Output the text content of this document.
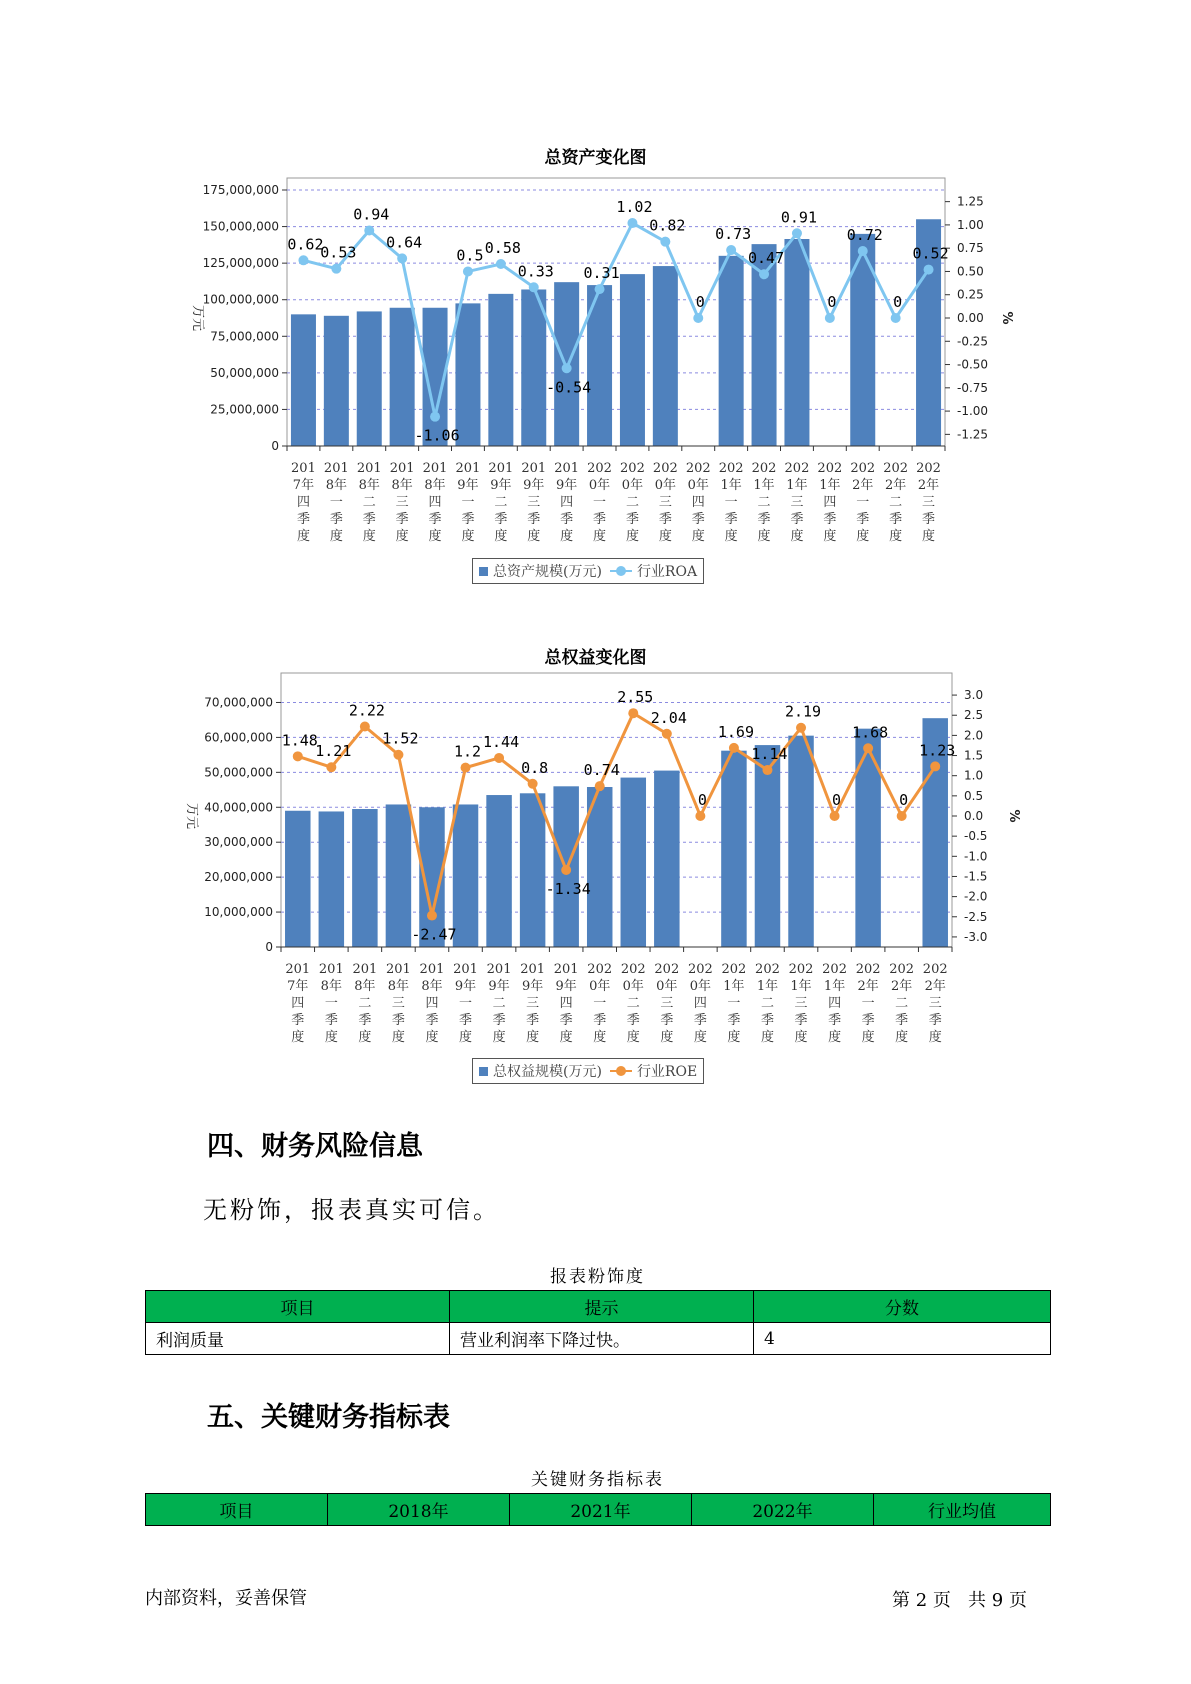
总资产变化图
0
25,000,000
50,000,000
75,000,000
100,000,000
125,000,000
150,000,000
175,000,000
-1.25
-1.00
-0.75
-0.50
-0.25
0.00
0.25
0.50
0.75
1.00
1.25
万元	%
201 7年四季度
201 8年一季度
201 8年二季度
201 8年三季度
201 8年四季度
201 9年一季度
201 9年二季度
201 9年三季度
201 9年四季度
202 0年一季度
202 0年二季度
202 0年三季度
202 0年四季度
202 1年一季度
202 1年二季度
202 1年三季度
202 1年四季度
202 2年一季度
202 2年二季度
202 2年三季度
0.62
0.53
0.94
0.64
-1.06
0.5 0.58
0.33
-0.54
0.31
1.02
0.82
0
0.73
0.47
0.91
0
0.72
0
0.52
总资产规模(万元)	行业ROA
总权益变化图
0
10,000,000
20,000,000
30,000,000
40,000,000
50,000,000
60,000,000
70,000,000
-3.0
-2.5
-2.0
-1.5
-1.0
-0.5
0.0
0.5
1.0
1.5
2.0
2.5
3.0
万元	%
201 7年四季度
201 8年一季度
201 8年二季度
201 8年三季度
201 8年四季度
201 9年一季度
201 9年二季度
201 9年三季度
201 9年四季度
202 0年一季度
202 0年二季度
202 0年三季度
202 0年四季度
202 1年一季度
202 1年二季度
202 1年三季度
202 1年四季度
202 2年一季度
202 2年二季度
202 2年三季度
1.48
1.21
2.22
1.52
-2.47
1.2
1.44
0.8
-1.34
0.74
2.55
2.04
0
1.69
1.14
2.19
0
1.68
0
1.23
总权益规模(万元)	行业ROE
四、财务风险信息

无粉饰，报表真实可信。

报表粉饰度
项目	提示	分数
利润质量	营业利润率下降过快。	4
五、关键财务指标表
关键财务指标表
项目	2018年	2021年	2022年	行业均值
内部资料，妥善保管	第 2 页   共 9 页
